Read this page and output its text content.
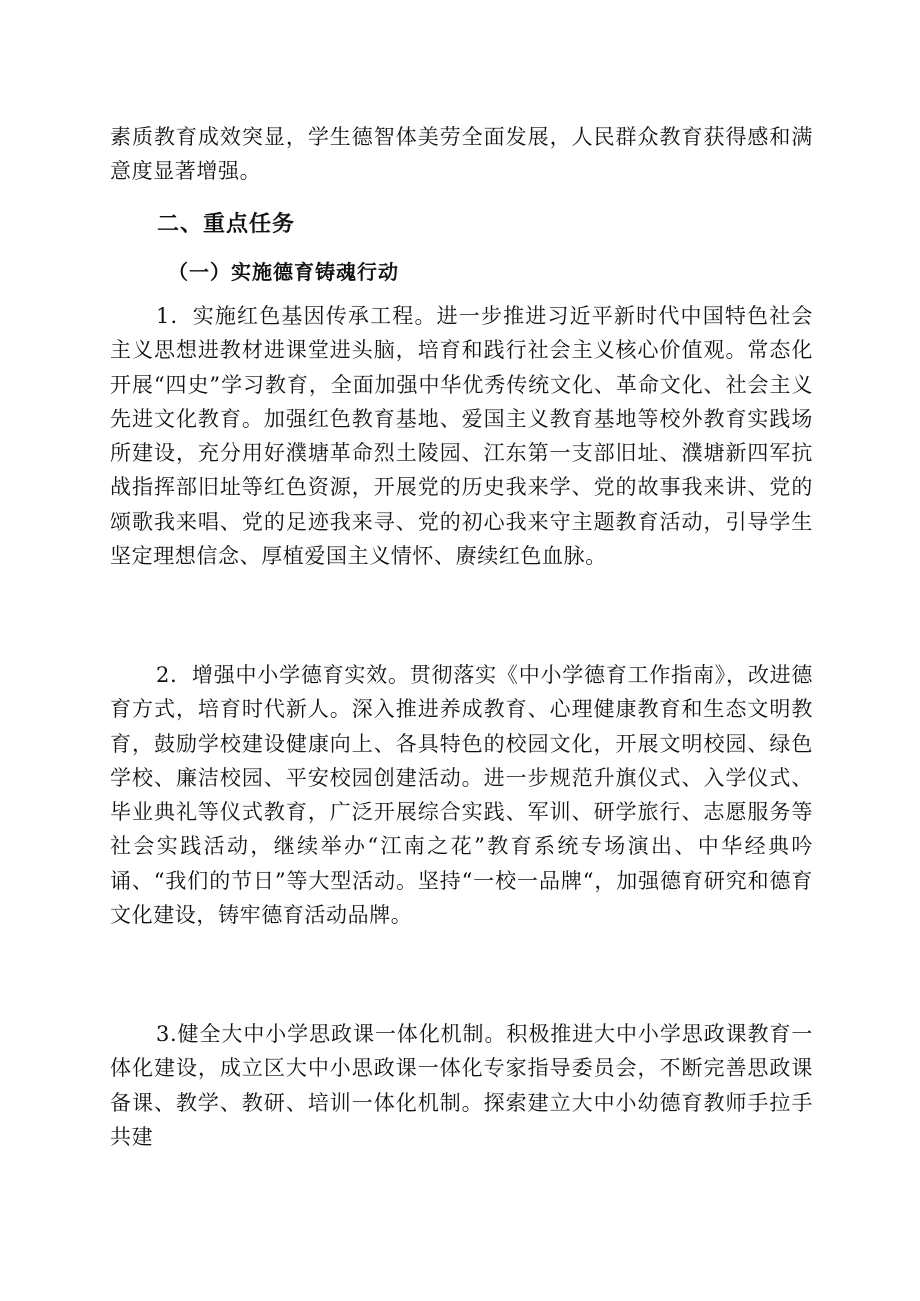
素质教育成效突显，学生德智体美劳全面发展，人民群众教育获得感和满意度显著增强。

二、重点任务
（一）实施德育铸魂行动

1．实施红色基因传承工程。进一步推进习近平新时代中国特色社会主义思想进教材进课堂进头脑，培育和践行社会主义核心价值观。常态化开展“四史”学习教育，全面加强中华优秀传统文化、革命文化、社会主义先进文化教育。加强红色教育基地、爱国主义教育基地等校外教育实践场所建设，充分用好濮塘革命烈土陵园、江东第一支部旧址、濮塘新四军抗战指挥部旧址等红色资源，开展党的历史我来学、党的故事我来讲、党的颂歌我来唱、党的足迹我来寻、党的初心我来守主题教育活动，引导学生坚定理想信念、厚植爱国主义情怀、赓续红色血脉。

2．增强中小学德育实效。贯彻落实《中小学德育工作指南》，改进德育方式，培育时代新人。深入推进养成教育、心理健康教育和生态文明教育，鼓励学校建设健康向上、各具特色的校园文化，开展文明校园、绿色学校、廉洁校园、平安校园创建活动。进一步规范升旗仪式、入学仪式、毕业典礼等仪式教育，广泛开展综合实践、军训、研学旅行、志愿服务等社会实践活动，继续举办“江南之花”教育系统专场演出、中华经典吟诵、“我们的节日”等大型活动。坚持“一校一品牌“，加强德育研究和德育文化建设，铸牢德育活动品牌。

3.健全大中小学思政课一体化机制。积极推进大中小学思政课教育一体化建设，成立区大中小思政课一体化专家指导委员会，不断完善思政课备课、教学、教研、培训一体化机制。探索建立大中小幼德育教师手拉手共建
